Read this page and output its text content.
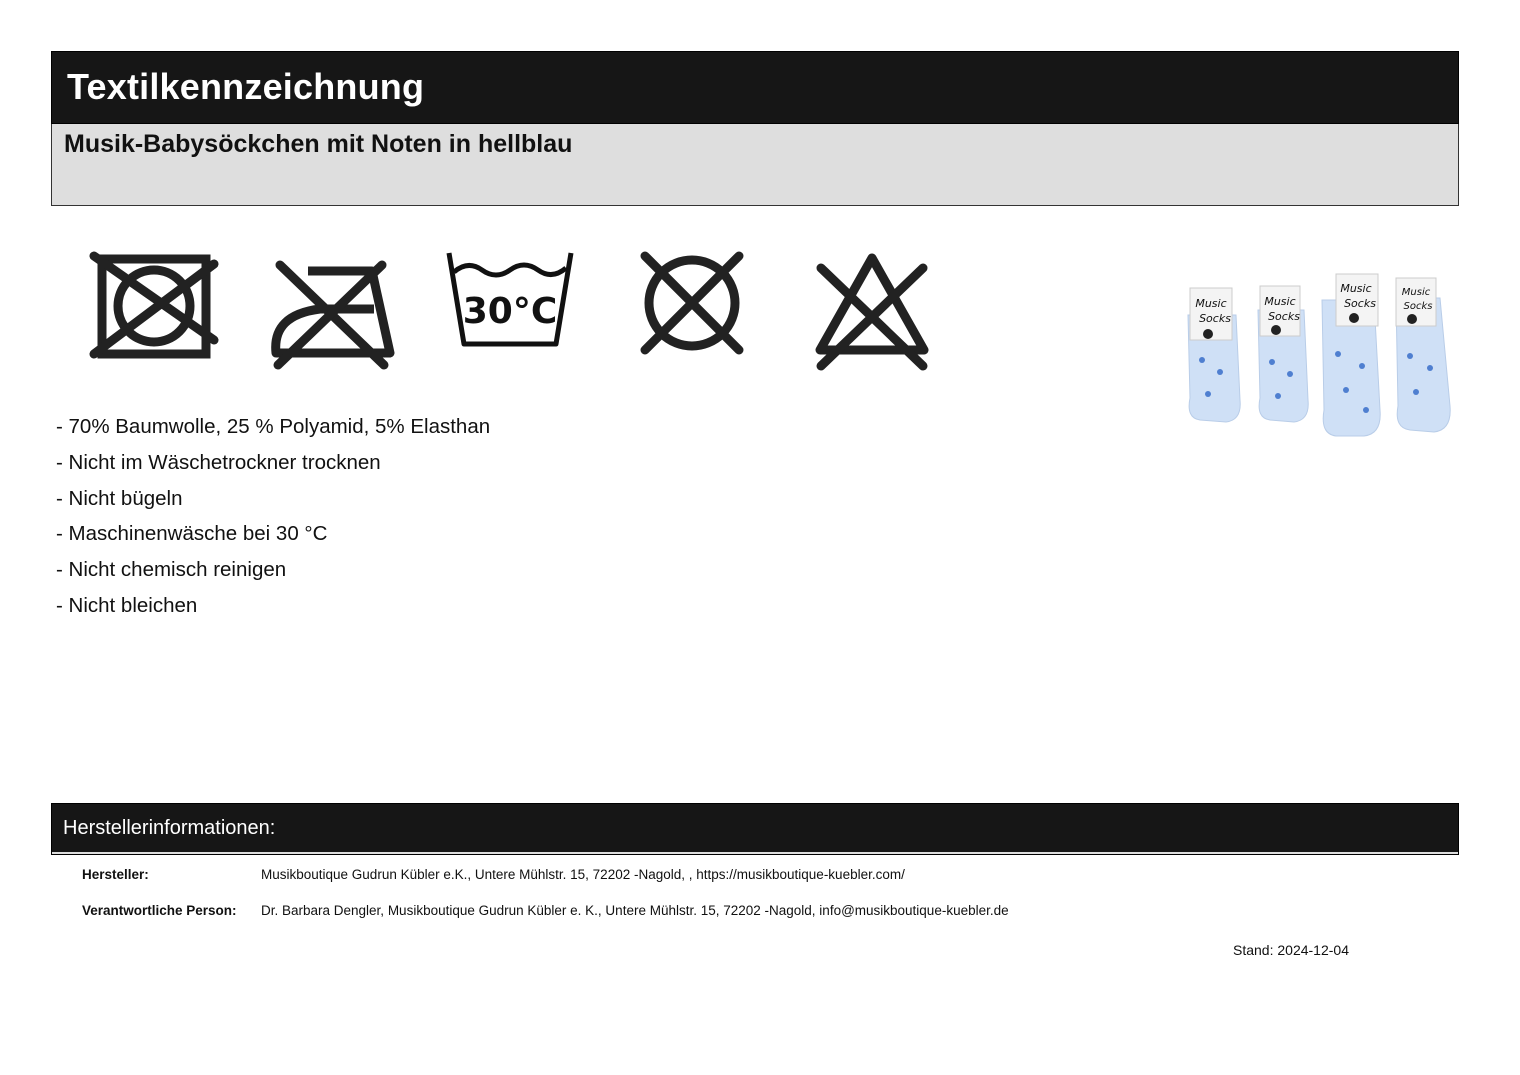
Textilkennzeichnung
Musik-Babysöckchen mit Noten in hellblau
30°C
- 70% Baumwolle, 25 % Polyamid, 5% Elasthan
- Nicht im Wäschetrockner trocknen
- Nicht bügeln
- Maschinenwäsche bei 30 °C
- Nicht chemisch reinigen
- Nicht bleichen
Music
Socks
Music
Socks
Music
Socks
Music
Socks
Herstellerinformationen:
Hersteller:	Musikboutique Gudrun Kübler e.K., Untere Mühlstr. 15, 72202 -Nagold, , https://musikboutique-kuebler.com/
Verantwortliche Person: Dr. Barbara Dengler, Musikboutique Gudrun Kübler e. K., Untere Mühlstr. 15, 72202 -Nagold, info@musikboutique-kuebler.de
Stand: 2024-12-04
